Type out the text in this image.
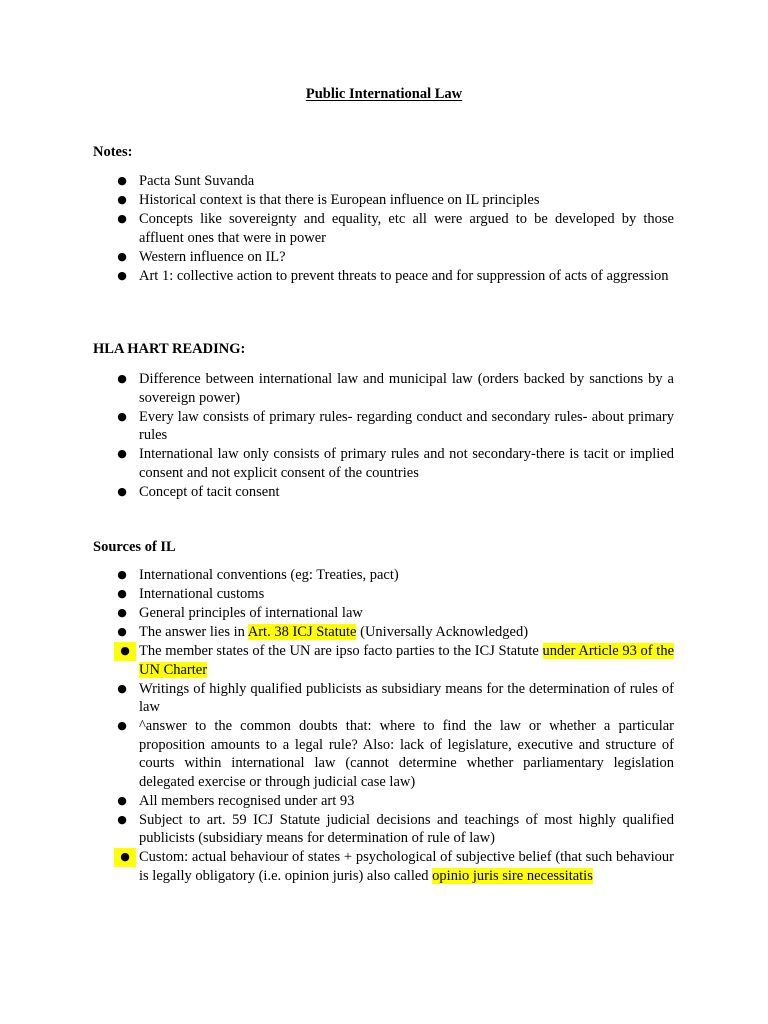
Public International Law
Notes:
● Pacta Sunt Suvanda
● Historical context is that there is European influence on IL principles
● Concepts like sovereignty and equality, etc all were argued to be developed by those affluent ones that were in power
● Western influence on IL?
● Art 1: collective action to prevent threats to peace and for suppression of acts of aggression
HLA HART READING:
● Difference between international law and municipal law (orders backed by sanctions by a sovereign power)
● Every law consists of primary rules- regarding conduct and secondary rules- about primary rules
● International law only consists of primary rules and not secondary-there is tacit or implied consent and not explicit consent of the countries
● Concept of tacit consent
Sources of IL
● International conventions (eg: Treaties, pact)
● International customs
● General principles of international law
● The answer lies in Art. 38 ICJ Statute (Universally Acknowledged)
● The member states of the UN are ipso facto parties to the ICJ Statute under Article 93 of the UN Charter
● Writings of highly qualified publicists as subsidiary means for the determination of rules of law
● ^answer to the common doubts that: where to find the law or whether a particular proposition amounts to a legal rule? Also: lack of legislature, executive and structure of courts within international law (cannot determine whether parliamentary legislation delegated exercise or through judicial case law)
● All members recognised under art 93
● Subject to art. 59 ICJ Statute judicial decisions and teachings of most highly qualified publicists (subsidiary means for determination of rule of law)
● Custom: actual behaviour of states + psychological of subjective belief (that such behaviour is legally obligatory (i.e. opinion juris) also called opinio juris sire necessitatis
